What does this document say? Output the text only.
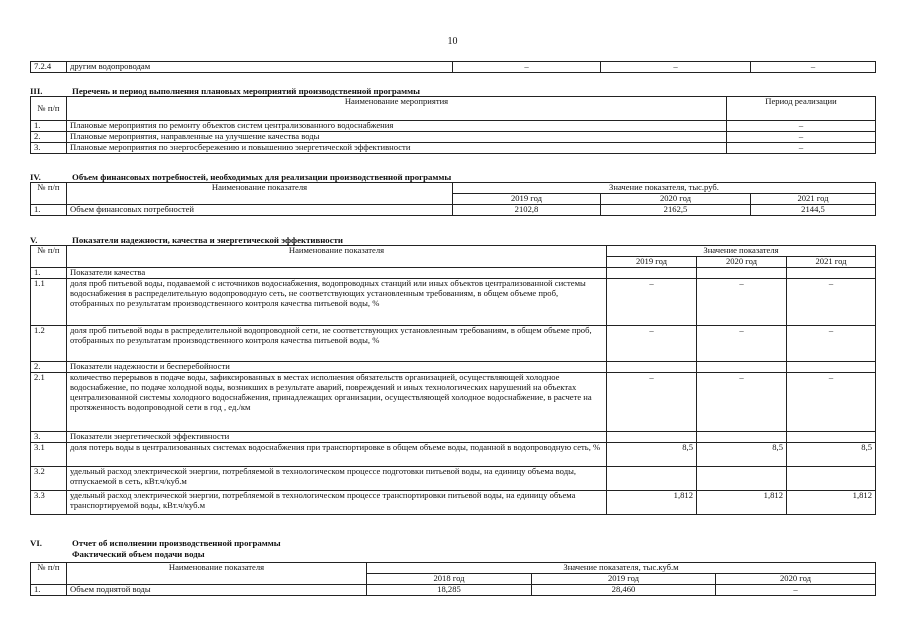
10
7.2.4	другим водопроводам	–	–	–
III.	Перечень и период выполнения плановых мероприятий производственной программы
№ п/п	Наименование мероприятия	Период реализации
1.	Плановые мероприятия по ремонту объектов систем централизованного водоснабжения	–
2.	Плановые мероприятия, направленные на улучшение качества воды	–
3.	Плановые мероприятия по энергосбережению и повышению энергетической эффективности	–
IV.	Объем финансовых потребностей, необходимых для реализации производственной программы
№ п/п	Наименование показателя	Значение показателя, тыс.руб.		
		2019 год	2020 год	2021 год
1.	Объем финансовых потребностей	2102,8	2162,5	2144,5
V.	Показатели надежности, качества и энергетической эффективности
№ п/п	Наименование показателя	Значение показателя		
		2019 год	2020 год	2021 год
1.	Показатели качества			
1.1	доля проб питьевой воды, подаваемой с источников водоснабжения, водопроводных станций или иных объектов централизованной системы водоснабжения в распределительную водопроводную сеть, не соответствующих установленным требованиям, в общем объеме проб, отобранных по результатам производственного контроля качества питьевой воды, %	–	–	–
1.2	доля проб питьевой воды в распределительной водопроводной сети, не соответствующих установленным требованиям, в общем объеме проб, отобранных по результатам производственного контроля качества питьевой воды, %	–	–	–
2.	Показатели надежности и бесперебойности			
2.1	количество перерывов в подаче воды, зафиксированных в местах исполнения обязательств организацией, осуществляющей холодное водоснабжение, по подаче холодной воды, возникших в результате аварий, повреждений и иных технологических нарушений на объектах централизованной системы холодного водоснабжения, принадлежащих организации, осуществляющей холодное водоснабжение, в расчете на протяженность водопроводной сети в год , ед./км	–	–	–
3.	Показатели энергетической эффективности			
3.1	доля потерь воды в централизованных системах водоснабжения при транспортировке в общем объеме воды, поданной в водопроводную сеть, %	8,5	8,5	8,5
3.2	удельный расход электрической энергии, потребляемой в технологическом процессе подготовки питьевой воды, на единицу объема воды, отпускаемой в сеть, кВт.ч/куб.м			
3.3	удельный расход электрической энергии, потребляемой в технологическом процессе транспортировки питьевой воды, на единицу объема транспортируемой воды, кВт.ч/куб.м	1,812	1,812	1,812
VI.	Отчет об исполнении производственной программы
Фактический объем подачи воды
№ п/п	Наименование показателя	Значение показателя, тыс.куб.м		
		2018 год	2019 год	2020 год
1.	Объем поднятой воды	18,285	28,460	–
